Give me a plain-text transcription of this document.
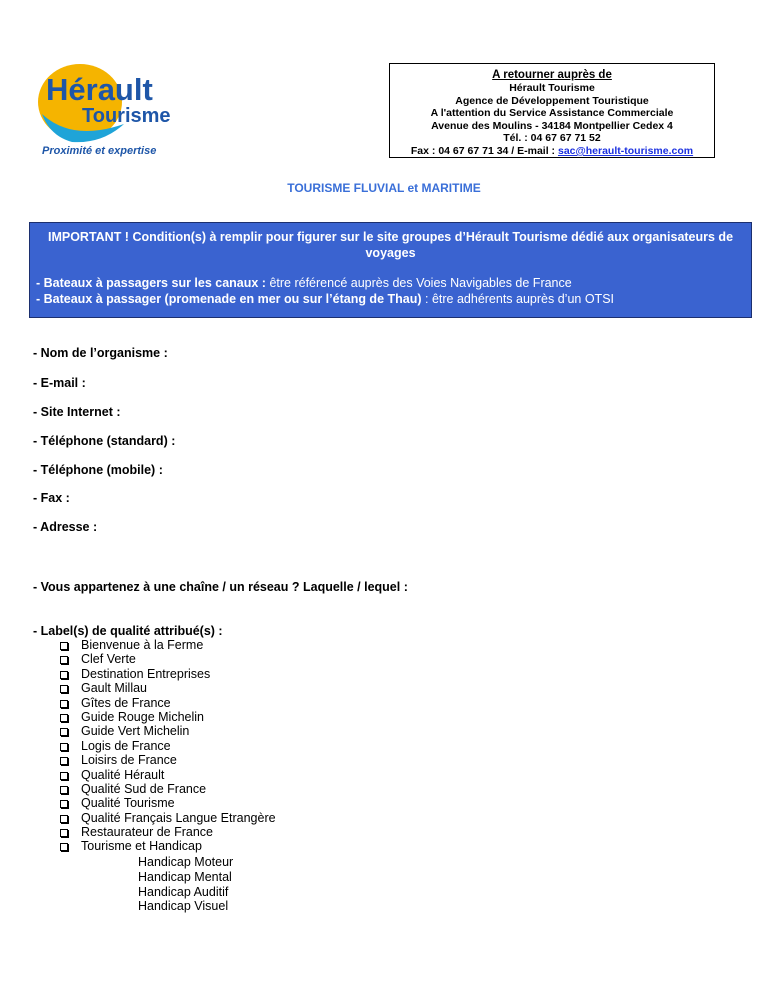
Hérault
Tourisme
Proximité et expertise
A retourner auprès de
Hérault Tourisme
Agence de Développement Touristique
A l'attention du Service Assistance Commerciale
Avenue des Moulins - 34184 Montpellier Cedex 4
Tél. : 04 67 67 71 52
Fax : 04 67 67 71 34 / E-mail : sac@herault-tourisme.com
TOURISME FLUVIAL et MARITIME
IMPORTANT ! Condition(s) à remplir pour figurer sur le site groupes d’Hérault Tourisme dédié aux organisateurs de voyages
- Bateaux à passagers sur les canaux : être référencé auprès des Voies Navigables de France
- Bateaux à passager (promenade en mer ou sur l’étang de Thau) : être adhérents auprès d’un OTSI
- Nom de l’organisme :
- E-mail :
- Site Internet :
- Téléphone (standard) :
- Téléphone (mobile) :
- Fax :
- Adresse :
- Vous appartenez à une chaîne / un réseau ? Laquelle / lequel :
- Label(s) de qualité attribué(s) :
Bienvenue à la Ferme
Clef Verte
Destination Entreprises
Gault Millau
Gîtes de France
Guide Rouge Michelin
Guide Vert Michelin
Logis de France
Loisirs de France
Qualité Hérault
Qualité Sud de France
Qualité Tourisme
Qualité Français Langue Etrangère
Restaurateur de France
Tourisme et Handicap
Handicap Moteur
Handicap Mental
Handicap Auditif
Handicap Visuel
